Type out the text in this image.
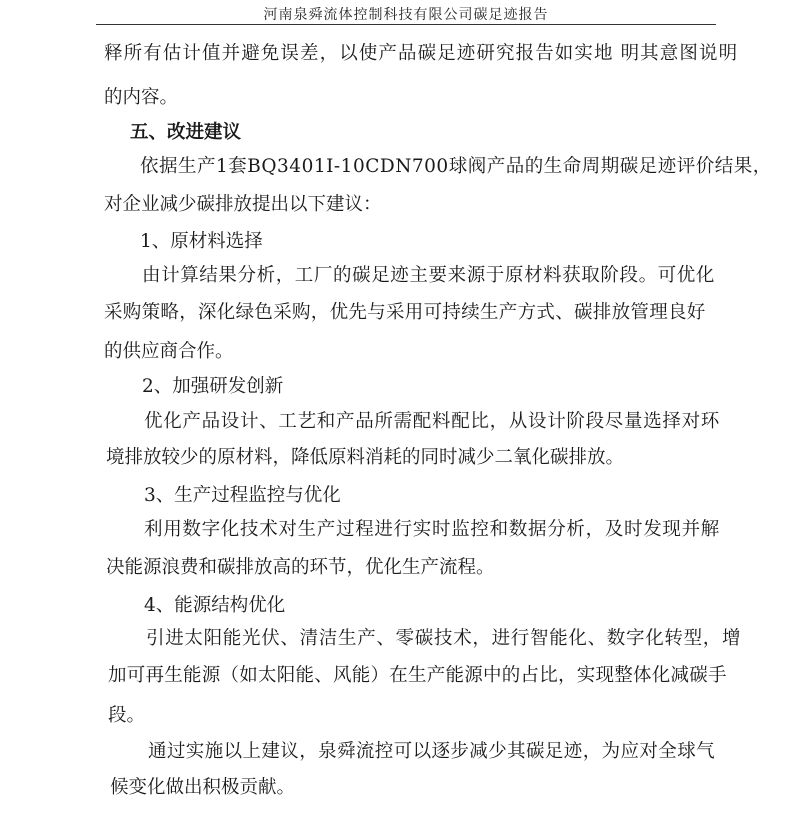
河南泉舜流体控制科技有限公司碳足迹报告
释所有估计值并避免误差，以使产品碳足迹研究报告如实地 明其意图说明
的内容。
五、改进建议
依据生产1套BQ3401I-10CDN700球阀产品的生命周期碳足迹评价结果，
对企业减少碳排放提出以下建议：
1、原材料选择
由计算结果分析，工厂的碳足迹主要来源于原材料获取阶段。可优化
采购策略，深化绿色采购，优先与采用可持续生产方式、碳排放管理良好
的供应商合作。
2、加强研发创新
优化产品设计、工艺和产品所需配料配比，从设计阶段尽量选择对环
境排放较少的原材料，降低原料消耗的同时减少二氧化碳排放。
3、生产过程监控与优化
利用数字化技术对生产过程进行实时监控和数据分析，及时发现并解
决能源浪费和碳排放高的环节，优化生产流程。
4、能源结构优化
引进太阳能光伏、清洁生产、零碳技术，进行智能化、数字化转型，增
加可再生能源（如太阳能、风能）在生产能源中的占比，实现整体化减碳手
段。
通过实施以上建议，泉舜流控可以逐步减少其碳足迹，为应对全球气
候变化做出积极贡献。
